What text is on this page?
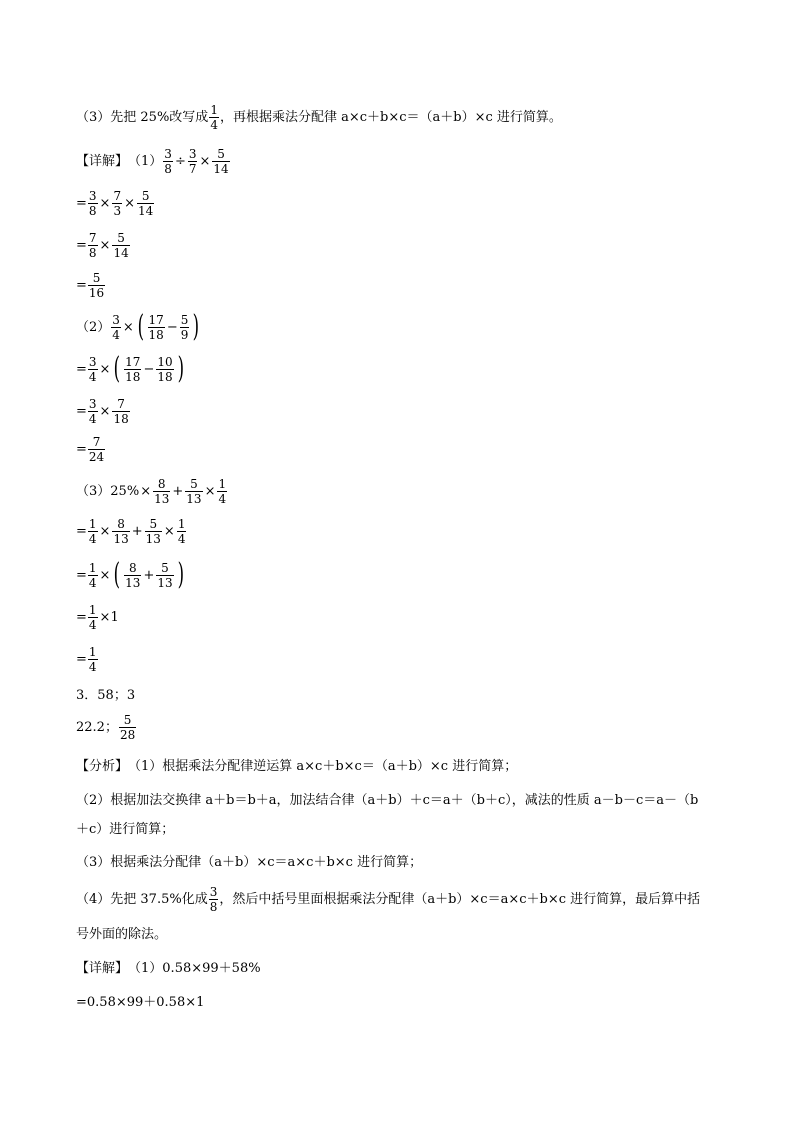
（3）先把 25%改写成 $\frac{1}{4}$ ，再根据乘法分配律 a×c＋b×c＝（a＋b）×c 进行简算。
【详解】 $(1) \frac{3}{8} \div \frac{3}{7} \times \frac{5}{14}$
= $\frac{3}{8} \times \frac{7}{3} \times \frac{5}{14}$
= $\frac{7}{8} \times \frac{5}{14}$
= $\frac{5}{16}$
$(2) \frac{3}{4}$ × ( $\frac{17}{18} - \frac{5}{9}$ )
= $\frac{3}{4}$ × ( $\frac{17}{18} - \frac{10}{18}$ )
= $\frac{3}{4} \times \frac{7}{18}$
= $\frac{7}{24}$
（3） $25\% \times \frac{8}{13} + \frac{5}{13} \times \frac{1}{4}$
= $\frac{1}{4} \times \frac{8}{13} + \frac{5}{13} \times \frac{1}{4}$
= $\frac{1}{4}$ × ( $\frac{8}{13} + \frac{5}{13}$ )
= $\frac{1}{4} \times 1$
= $\frac{1}{4}$
3．58；3
22.2； $\frac{5}{28}$
【分析】 （1）根据乘法分配律逆运算 a×c＋b×c＝（a＋b）×c 进行简算；
（2）根据加法交换律 a＋b＝b＋a，加法结合律（a＋b）＋c＝a＋（b＋c），减法的性质 a－b－c＝a－（b
＋c）进行简算；
（3）根据乘法分配律（a＋b）×c＝a×c＋b×c 进行简算；
（4）先把 37.5%化成 $\frac{3}{8}$ ，然后中括号里面根据乘法分配律（a＋b）×c＝a×c＋b×c 进行简算，最后算中括
号外面的除法。
【详解】 （1）0.58×99＋58%
=0.58×99＋0.58×1
